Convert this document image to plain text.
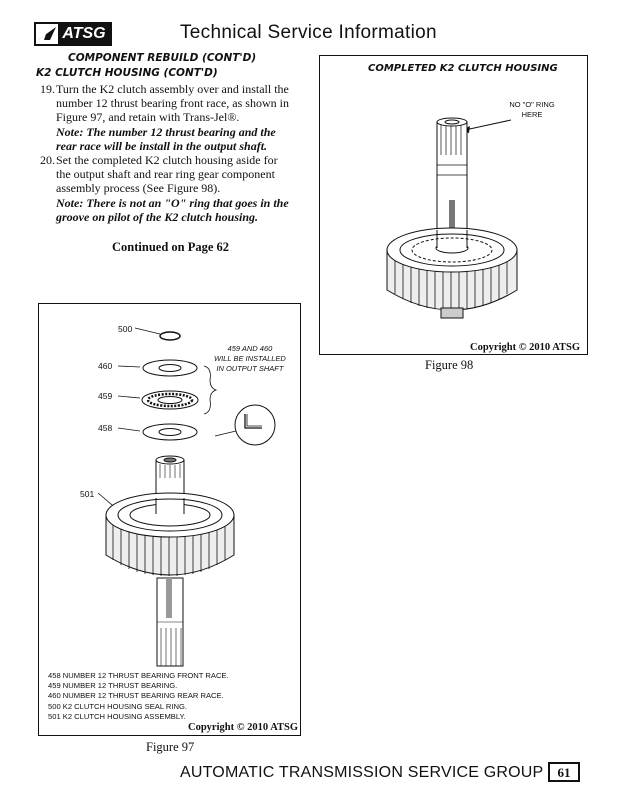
ATSG	Technical Service Information
COMPONENT REBUILD (CONT'D)
K2 CLUTCH HOUSING (CONT'D)
19. Turn the K2 clutch assembly over and install the number 12 thrust bearing front race, as shown in Figure 97, and retain with Trans-Jel®.
Note: The number 12 thrust bearing and the rear race will be install in the output shaft.
20. Set the completed K2 clutch housing aside for the output shaft and rear ring gear component assembly process (See Figure 98).
Note: There is not an "O" ring that goes in the groove on pilot of the K2 clutch housing.
Continued on Page 62
COMPLETED K2 CLUTCH HOUSING
NO "O" RING
HERE
Copyright © 2010 ATSG
Figure 98
500
460
459
458
501
459 AND 460
WILL BE INSTALLED
IN OUTPUT SHAFT
458 NUMBER 12 THRUST BEARING FRONT RACE.
459 NUMBER 12 THRUST BEARING.
460 NUMBER 12 THRUST BEARING REAR RACE.
500 K2 CLUTCH HOUSING SEAL RING.
501 K2 CLUTCH HOUSING ASSEMBLY.
Copyright © 2010 ATSG
Figure 97
AUTOMATIC TRANSMISSION SERVICE GROUP	61
